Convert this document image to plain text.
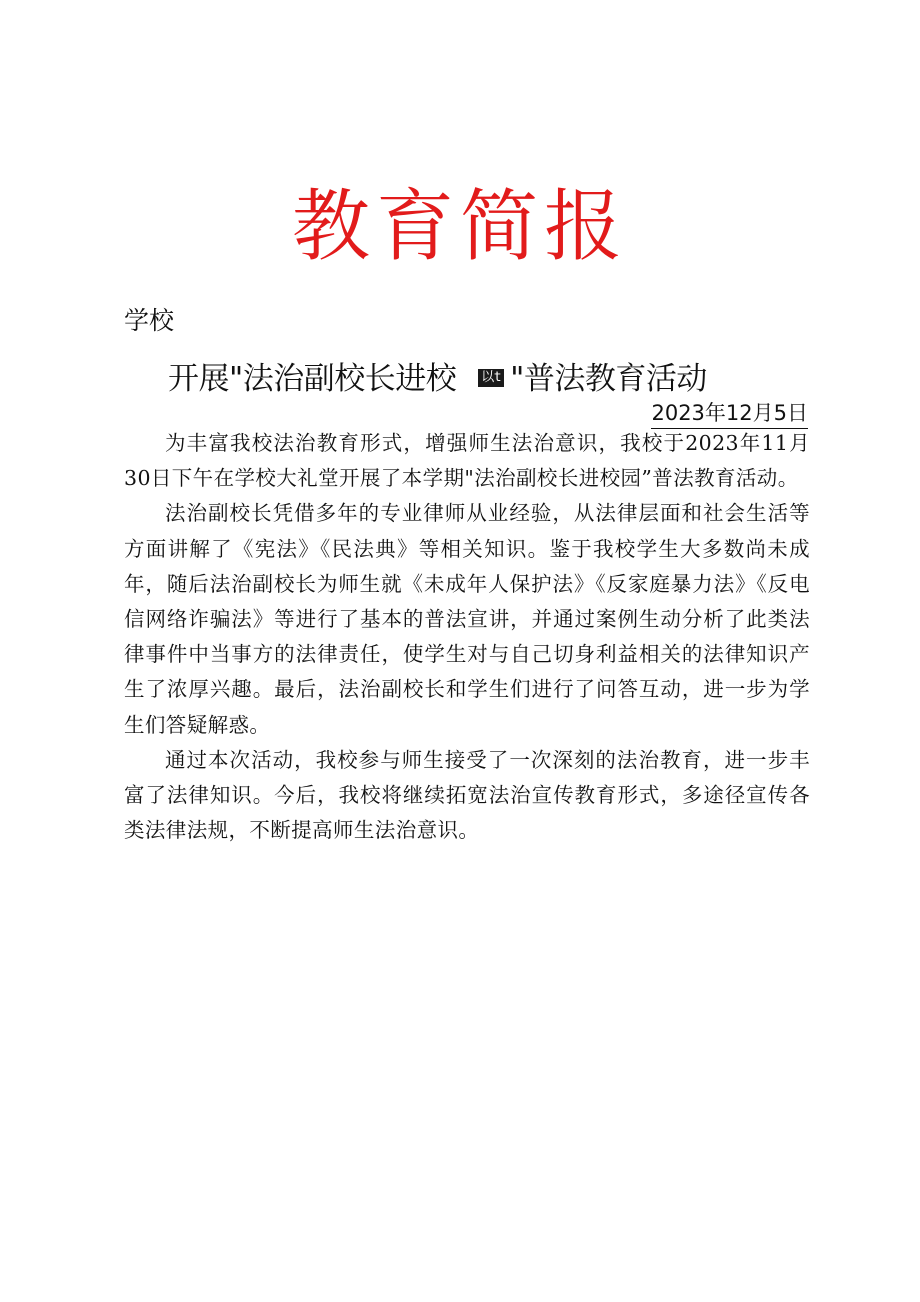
教育简报
学校
开展"法治副校长进校 以t "普法教育活动
2023年12月5日

为丰富我校法治教育形式，增强师生法治意识，我校于2023年11月30日下午在学校大礼堂开展了本学期"法治副校长进校园”普法教育活动。

法治副校长凭借多年的专业律师从业经验，从法律层面和社会生活等方面讲解了《宪法》《民法典》等相关知识。鉴于我校学生大多数尚未成年，随后法治副校长为师生就《未成年人保护法》《反家庭暴力法》《反电信网络诈骗法》等进行了基本的普法宣讲，并通过案例生动分析了此类法律事件中当事方的法律责任，使学生对与自己切身利益相关的法律知识产生了浓厚兴趣。最后，法治副校长和学生们进行了问答互动，进一步为学生们答疑解惑。

通过本次活动，我校参与师生接受了一次深刻的法治教育，进一步丰富了法律知识。今后，我校将继续拓宽法治宣传教育形式，多途径宣传各类法律法规，不断提高师生法治意识。
